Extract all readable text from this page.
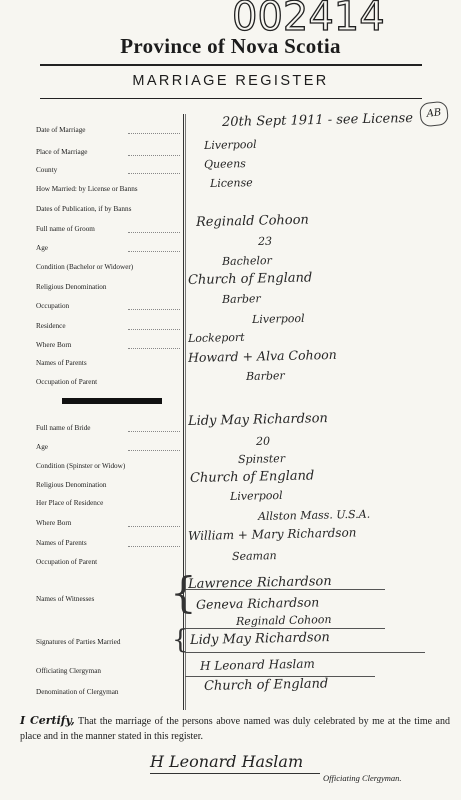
002414
Province of Nova Scotia
MARRIAGE REGISTER
AB
Date of Marriage
Place of Marriage
County
How Married: by License or Banns
Dates of Publication, if by Banns
Full name of Groom
Age
Condition (Bachelor or Widower)
Religious Denomination
Occupation
Residence
Where Born
Names of Parents
Occupation of Parent
Full name of Bride
Age
Condition (Spinster or Widow)
Religious Denomination
Her Place of Residence
Where Born
Names of Parents
Occupation of Parent
Names of Witnesses
Signatures of Parties Married
Officiating Clergyman
Denomination of Clergyman
20th Sept 1911 - see License
Liverpool
Queens
License
Reginald Cohoon
23
Bachelor
Church of England
Barber
Liverpool
Lockeport
Howard + Alva Cohoon
Barber
Lidy May Richardson
20
Spinster
Church of England
Liverpool
Allston Mass. U.S.A.
William + Mary Richardson
Seaman
Lawrence Richardson
Geneva Richardson
Reginald Cohoon
Lidy May Richardson
H Leonard Haslam
Church of England
{
{
I Certify, That the marriage of the persons above named was duly celebrated by me at the time and place and in the manner stated in this register.
H Leonard Haslam
Officiating Clergyman.
